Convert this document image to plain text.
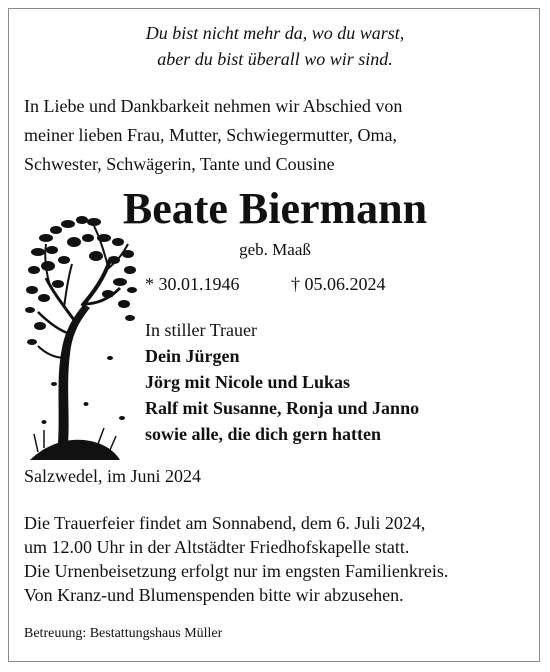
Du bist nicht mehr da, wo du warst,
aber du bist überall wo wir sind.
In Liebe und Dankbarkeit nehmen wir Abschied von
meiner lieben Frau, Mutter, Schwiegermutter, Oma,
Schwester, Schwägerin, Tante und Cousine
Beate Biermann
geb. Maaß
* 30.01.1946	† 05.06.2024
In stiller Trauer
Dein Jürgen
Jörg mit Nicole und Lukas
Ralf mit Susanne, Ronja und Janno
sowie alle, die dich gern hatten
Salzwedel, im Juni 2024
Die Trauerfeier findet am Sonnabend, dem 6. Juli 2024,
um 12.00 Uhr in der Altstädter Friedhofskapelle statt.
Die Urnenbeisetzung erfolgt nur im engsten Familienkreis.
Von Kranz-und Blumenspenden bitte wir abzusehen.
Betreuung: Bestattungshaus Müller
